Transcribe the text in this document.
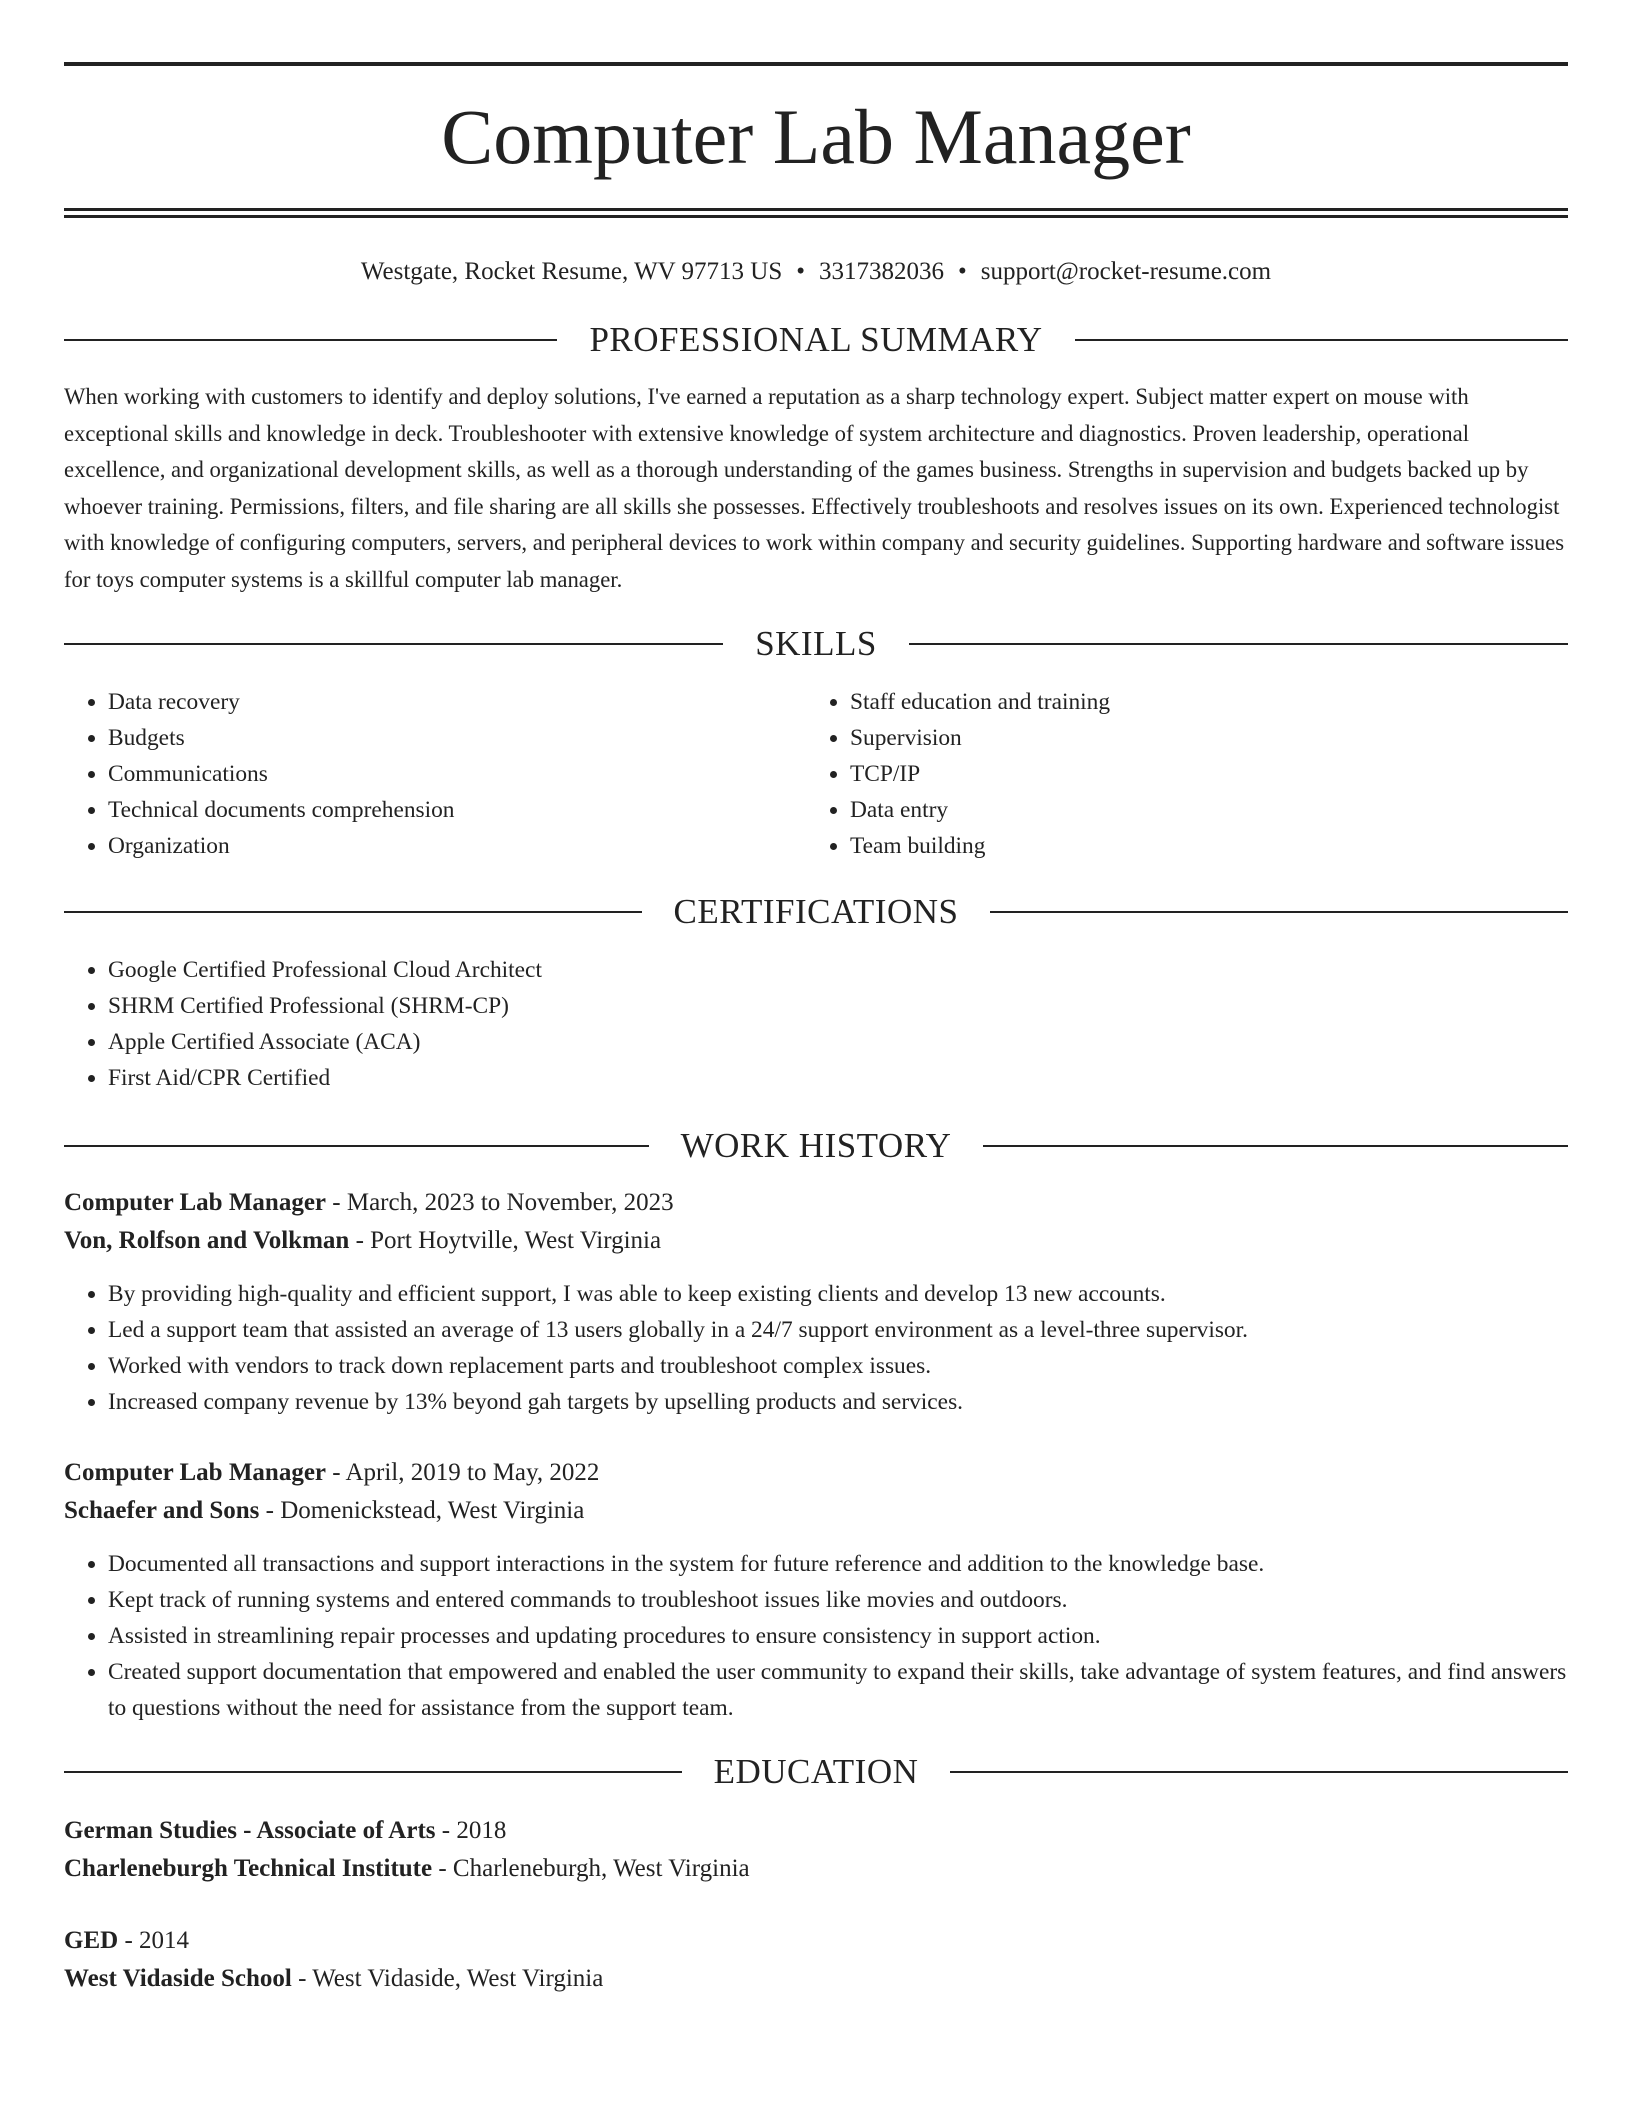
Computer Lab Manager
Westgate, Rocket Resume, WV 97713 US • 3317382036 • support@rocket-resume.com
PROFESSIONAL SUMMARY

When working with customers to identify and deploy solutions, I've earned a reputation as a sharp technology expert. Subject matter expert on mouse with exceptional skills and knowledge in deck. Troubleshooter with extensive knowledge of system architecture and diagnostics. Proven leadership, operational excellence, and organizational development skills, as well as a thorough understanding of the games business. Strengths in supervision and budgets backed up by whoever training. Permissions, filters, and file sharing are all skills she possesses. Effectively troubleshoots and resolves issues on its own. Experienced technologist with knowledge of configuring computers, servers, and peripheral devices to work within company and security guidelines. Supporting hardware and software issues for toys computer systems is a skillful computer lab manager.

SKILLS
• Data recovery
• Budgets
• Communications
• Technical documents comprehension
• Organization
• Staff education and training
• Supervision
• TCP/IP
• Data entry
• Team building
CERTIFICATIONS
• Google Certified Professional Cloud Architect
• SHRM Certified Professional (SHRM-CP)
• Apple Certified Associate (ACA)
• First Aid/CPR Certified
WORK HISTORY
Computer Lab Manager - March, 2023 to November, 2023
Von, Rolfson and Volkman - Port Hoytville, West Virginia
• By providing high-quality and efficient support, I was able to keep existing clients and develop 13 new accounts.
• Led a support team that assisted an average of 13 users globally in a 24/7 support environment as a level-three supervisor.
• Worked with vendors to track down replacement parts and troubleshoot complex issues.
• Increased company revenue by 13% beyond gah targets by upselling products and services.
Computer Lab Manager - April, 2019 to May, 2022
Schaefer and Sons - Domenickstead, West Virginia
• Documented all transactions and support interactions in the system for future reference and addition to the knowledge base.
• Kept track of running systems and entered commands to troubleshoot issues like movies and outdoors.
• Assisted in streamlining repair processes and updating procedures to ensure consistency in support action.
• Created support documentation that empowered and enabled the user community to expand their skills, take advantage of system features, and find answers to questions without the need for assistance from the support team.
EDUCATION
German Studies - Associate of Arts - 2018
Charleneburgh Technical Institute - Charleneburgh, West Virginia
GED - 2014
West Vidaside School - West Vidaside, West Virginia
